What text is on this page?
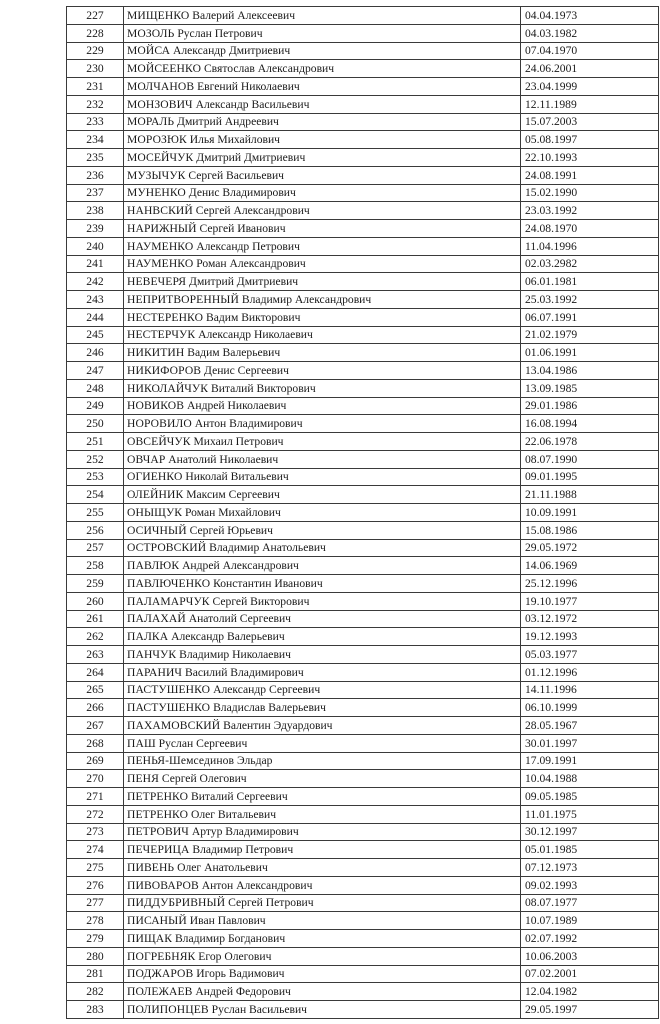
227	МИЩЕНКО Валерий Алексеевич	04.04.1973
228	МОЗОЛЬ Руслан Петрович	04.03.1982
229	МОЙСА Александр Дмитриевич	07.04.1970
230	МОЙСЕЕНКО Святослав Александрович	24.06.2001
231	МОЛЧАНОВ Евгений Николаевич	23.04.1999
232	МОНЗОВИЧ Александр Васильевич	12.11.1989
233	МОРАЛЬ Дмитрий Андреевич	15.07.2003
234	МОРОЗЮК Илья Михайлович	05.08.1997
235	МОСЕЙЧУК Дмитрий Дмитриевич	22.10.1993
236	МУЗЫЧУК Сергей Васильевич	24.08.1991
237	МУНЕНКО Денис Владимирович	15.02.1990
238	НАНВСКИЙ Сергей Александрович	23.03.1992
239	НАРИЖНЫЙ Сергей Иванович	24.08.1970
240	НАУМЕНКО Александр Петрович	11.04.1996
241	НАУМЕНКО Роман Александрович	02.03.2982
242	НЕВЕЧЕРЯ Дмитрий Дмитриевич	06.01.1981
243	НЕПРИТВОРЕННЫЙ Владимир Александрович	25.03.1992
244	НЕСТЕРЕНКО Вадим Викторович	06.07.1991
245	НЕСТЕРЧУК Александр Николаевич	21.02.1979
246	НИКИТИН Вадим Валерьевич	01.06.1991
247	НИКИФОРОВ Денис Сергеевич	13.04.1986
248	НИКОЛАЙЧУК Виталий Викторович	13.09.1985
249	НОВИКОВ Андрей Николаевич	29.01.1986
250	НОРОВИЛО Антон Владимирович	16.08.1994
251	ОВСЕЙЧУК Михаил Петрович	22.06.1978
252	ОВЧАР Анатолий Николаевич	08.07.1990
253	ОГИЕНКО Николай Витальевич	09.01.1995
254	ОЛЕЙНИК Максим Сергеевич	21.11.1988
255	ОНЫЩУК Роман Михайлович	10.09.1991
256	ОСИЧНЫЙ Сергей Юрьевич	15.08.1986
257	ОСТРОВСКИЙ Владимир Анатольевич	29.05.1972
258	ПАВЛЮК Андрей Александрович	14.06.1969
259	ПАВЛЮЧЕНКО Константин Иванович	25.12.1996
260	ПАЛАМАРЧУК Сергей Викторович	19.10.1977
261	ПАЛАХАЙ Анатолий Сергеевич	03.12.1972
262	ПАЛКА Александр Валерьевич	19.12.1993
263	ПАНЧУК Владимир Николаевич	05.03.1977
264	ПАРАНИЧ Василий Владимирович	01.12.1996
265	ПАСТУШЕНКО Александр Сергеевич	14.11.1996
266	ПАСТУШЕНКО Владислав Валерьевич	06.10.1999
267	ПАХАМОВСКИЙ Валентин Эдуардович	28.05.1967
268	ПАШ Руслан Сергеевич	30.01.1997
269	ПЕНЬЯ-Шемсединов Эльдар	17.09.1991
270	ПЕНЯ Сергей Олегович	10.04.1988
271	ПЕТРЕНКО Виталий Сергеевич	09.05.1985
272	ПЕТРЕНКО Олег Витальевич	11.01.1975
273	ПЕТРОВИЧ Артур Владимирович	30.12.1997
274	ПЕЧЕРИЦА Владимир Петрович	05.01.1985
275	ПИВЕНЬ Олег Анатольевич	07.12.1973
276	ПИВОВАРОВ Антон Александрович	09.02.1993
277	ПИДДУБРИВНЫЙ Сергей Петрович	08.07.1977
278	ПИСАНЫЙ Иван Павлович	10.07.1989
279	ПИЩАК Владимир Богданович	02.07.1992
280	ПОГРЕБНЯК Егор Олегович	10.06.2003
281	ПОДЖАРОВ Игорь Вадимович	07.02.2001
282	ПОЛЕЖАЕВ Андрей Федорович	12.04.1982
283	ПОЛИПОНЦЕВ Руслан Васильевич	29.05.1997
